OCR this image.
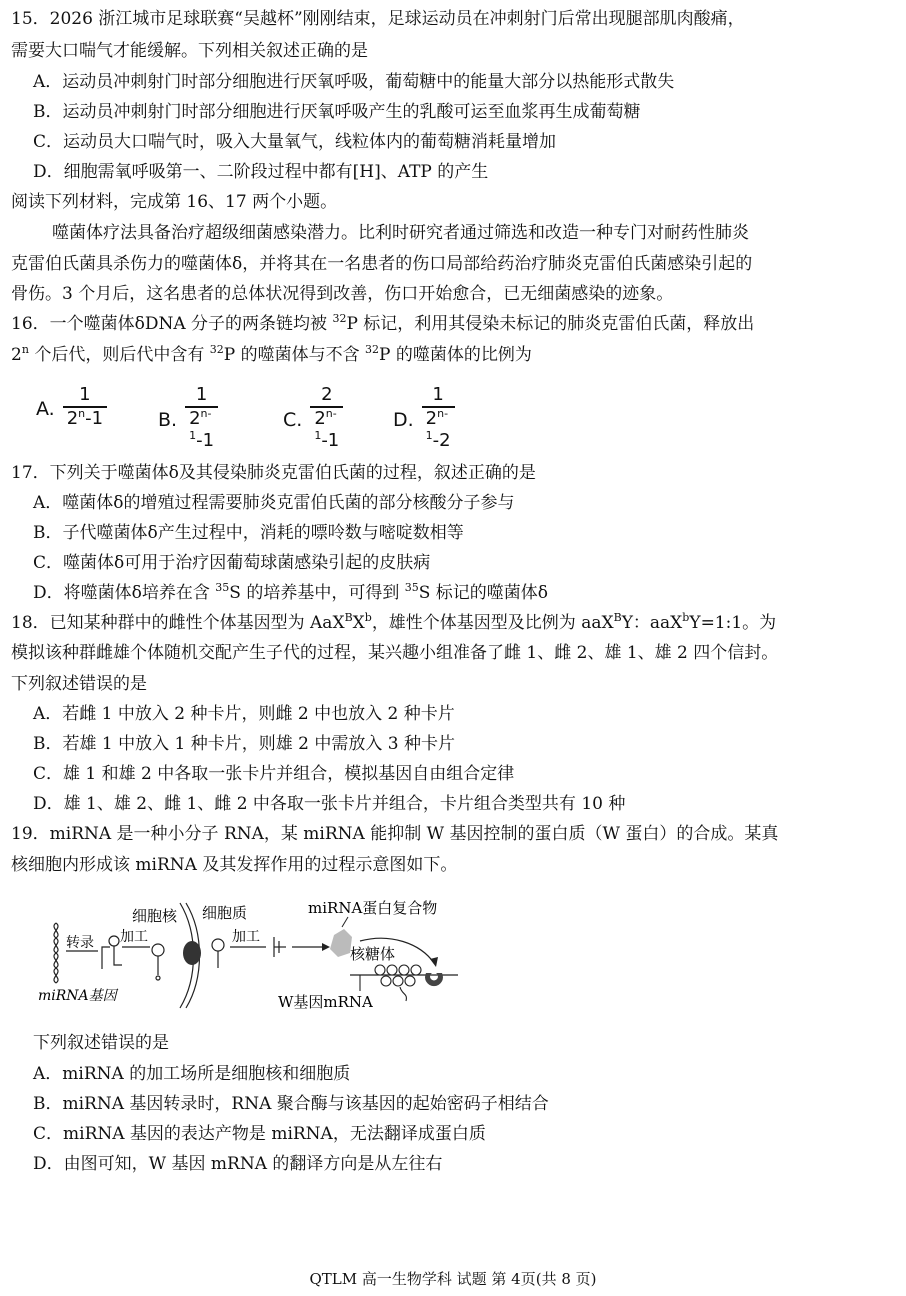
15．2026 浙江城市足球联赛“吴越杯”刚刚结束，足球运动员在冲刺射门后常出现腿部肌肉酸痛，
需要大口喘气才能缓解。下列相关叙述正确的是
A．运动员冲刺射门时部分细胞进行厌氧呼吸，葡萄糖中的能量大部分以热能形式散失
B．运动员冲刺射门时部分细胞进行厌氧呼吸产生的乳酸可运至血浆再生成葡萄糖
C．运动员大口喘气时，吸入大量氧气，线粒体内的葡萄糖消耗量增加
D．细胞需氧呼吸第一、二阶段过程中都有[H]、ATP 的产生
阅读下列材料，完成第 16、17 两个小题。
噬菌体疗法具备治疗超级细菌感染潜力。比利时研究者通过筛选和改造一种专门对耐药性肺炎
克雷伯氏菌具杀伤力的噬菌体δ，并将其在一名患者的伤口局部给药治疗肺炎克雷伯氏菌感染引起的
骨伤。3 个月后，这名患者的总体状况得到改善，伤口开始愈合，已无细菌感染的迹象。
16．一个噬菌体δDNA 分子的两条链均被 $^{32}$P 标记，利用其侵染未标记的肺炎克雷伯氏菌，释放出
2$^n$ 个后代，则后代中含有 $^{32}$P 的噬菌体与不含 $^{32}$P 的噬菌体的比例为
A. $\frac{1}{2^n-1}$	B. $\frac{1}{2^{n-1}-1}$	C. $\frac{2}{2^{n-1}-1}$	D. $\frac{1}{2^{n-1}-2}$
17．下列关于噬菌体δ及其侵染肺炎克雷伯氏菌的过程，叙述正确的是
A．噬菌体δ的增殖过程需要肺炎克雷伯氏菌的部分核酸分子参与
B．子代噬菌体δ产生过程中，消耗的嘌呤数与嘧啶数相等
C．噬菌体δ可用于治疗因葡萄球菌感染引起的皮肤病
D．将噬菌体δ培养在含 $^{35}$S 的培养基中，可得到 $^{35}$S 标记的噬菌体δ
18．已知某种群中的雌性个体基因型为 $AaX^BX^b$，雄性个体基因型及比例为 aaX$^B$Y：aaX$^b$Y=1:1。为
模拟该种群雌雄个体随机交配产生子代的过程，某兴趣小组准备了雌 1、雌 2、雄 1、雄 2 四个信封。
下列叙述错误的是
A．若雌 1 中放入 2 种卡片，则雌 2 中也放入 2 种卡片
B．若雄 1 中放入 1 种卡片，则雄 2 中需放入 3 种卡片
C．雄 1 和雄 2 中各取一张卡片并组合，模拟基因自由组合定律
D．雄 1、雄 2、雌 1、雌 2 中各取一张卡片并组合，卡片组合类型共有 10 种
19．miRNA 是一种小分子 RNA，某 miRNA 能抑制 W 基因控制的蛋白质（W 蛋白）的合成。某真
核细胞内形成该 miRNA 及其发挥作用的过程示意图如下。
转录 加工
细胞核 细胞质
加工
miRNA蛋白复合物
核糖体
miRNA基因	W基因mRNA
下列叙述错误的是
A．miRNA 的加工场所是细胞核和细胞质
B．miRNA 基因转录时，RNA 聚合酶与该基因的起始密码子相结合
C．miRNA 基因的表达产物是 miRNA，无法翻译成蛋白质
D．由图可知，W 基因 mRNA 的翻译方向是从左往右
QTLM 高一生物学科 试题 第 4页(共 8 页)
